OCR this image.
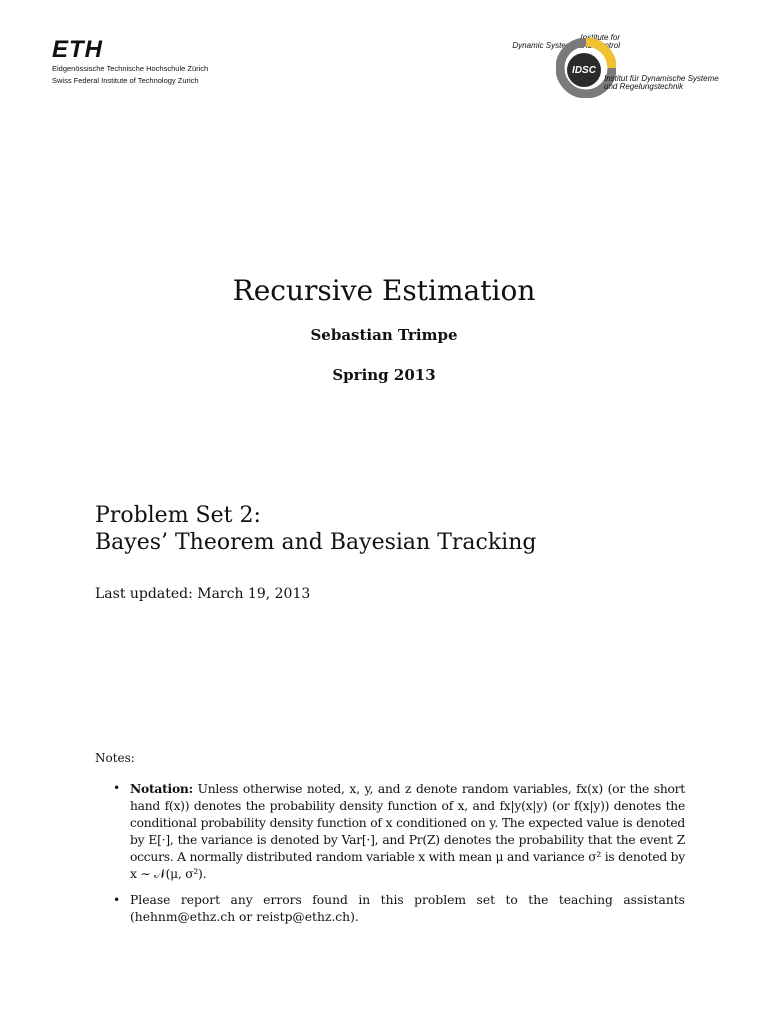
ETH
Eidgenössische Technische Hochschule Zürich
Swiss Federal Institute of Technology Zurich
Institute for
Dynamic Systems and Control
IDSC
Institut für Dynamische Systeme
und Regelungstechnik
Recursive Estimation
Sebastian Trimpe
Spring 2013
Problem Set 2:
Bayes’ Theorem and Bayesian Tracking
Last updated: March 19, 2013
Notes:
• Notation: Unless otherwise noted, x, y, and z denote random variables, fx(x) (or the short hand f(x)) denotes the probability density function of x, and fx|y(x|y) (or f(x|y)) denotes the conditional probability density function of x conditioned on y. The expected value is denoted by E[·], the variance is denoted by Var[·], and Pr(Z) denotes the probability that the event Z occurs. A normally distributed random variable x with mean μ and variance σ² is denoted by x ∼ 𝒩(μ, σ²).
• Please report any errors found in this problem set to the teaching assistants (hehnm@ethz.ch or reistp@ethz.ch).
